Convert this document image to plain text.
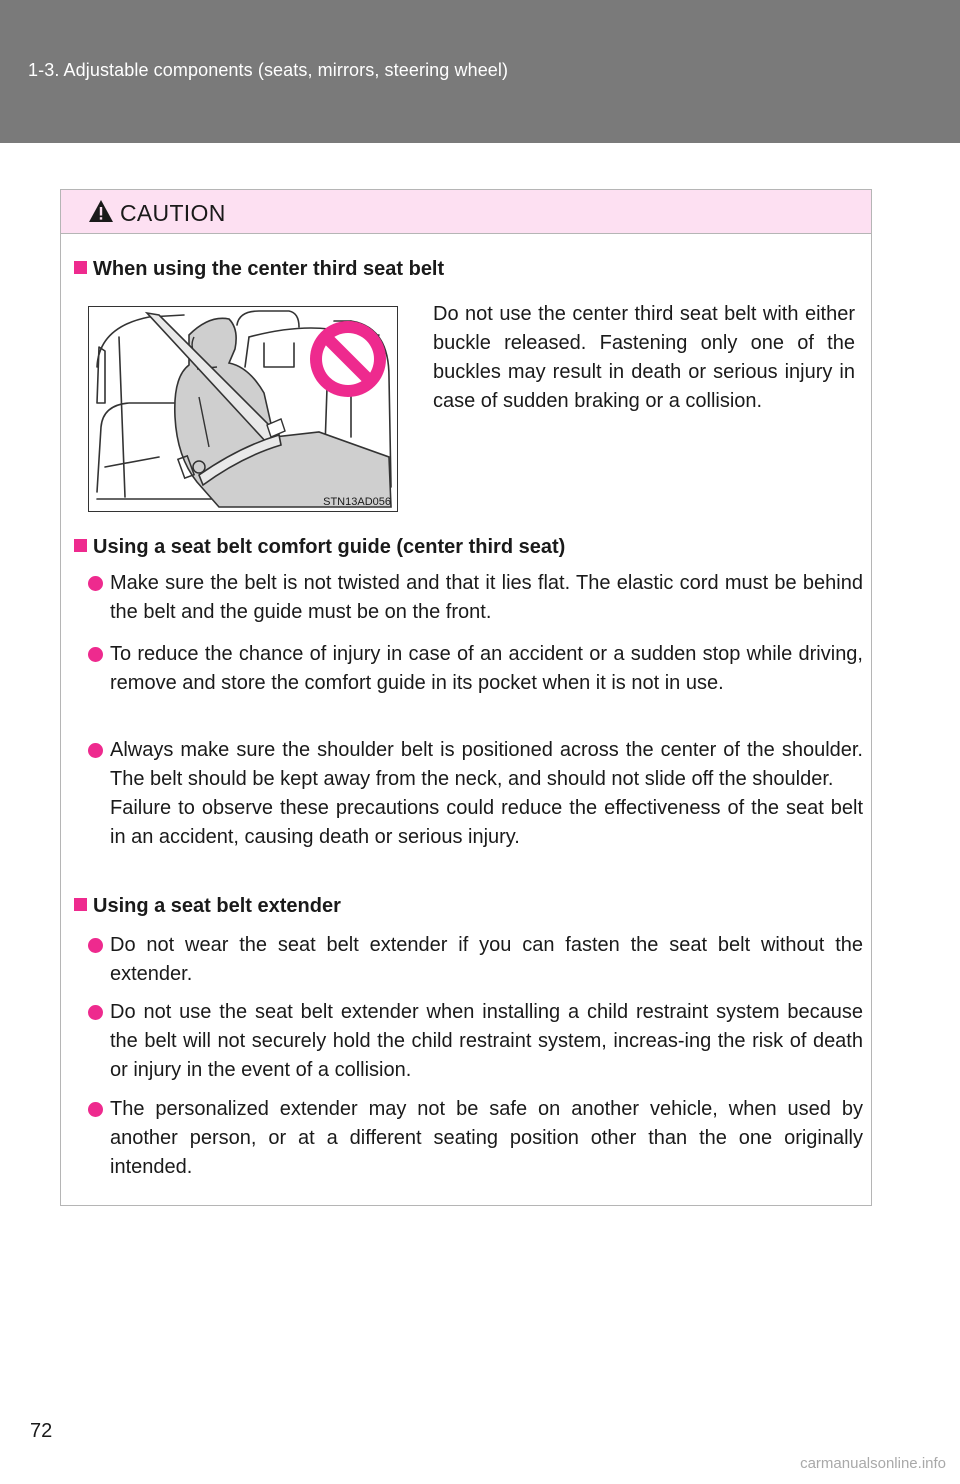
1-3. Adjustable components (seats, mirrors, steering wheel)
CAUTION
When using the center third seat belt
STN13AD056
Do not use the center third seat belt with either buckle released. Fastening only one of the buckles may result in death or serious injury in case of sudden braking or a collision.
Using a seat belt comfort guide (center third seat)
Make sure the belt is not twisted and that it lies flat. The elastic cord must be behind the belt and the guide must be on the front.
To reduce the chance of injury in case of an accident or a sudden stop while driving, remove and store the comfort guide in its pocket when it is not in use.

Always make sure the shoulder belt is positioned across the center of the shoulder. The belt should be kept away from the neck, and should not slide off the shoulder.

Failure to observe these precautions could reduce the effectiveness of the seat belt in an accident, causing death or serious injury.

Using a seat belt extender
Do not wear the seat belt extender if you can fasten the seat belt without the extender.
Do not use the seat belt extender when installing a child restraint system because the belt will not securely hold the child restraint system, increas-ing the risk of death or injury in the event of a collision.
The personalized extender may not be safe on another vehicle, when used by another person, or at a different seating position other than the one originally intended.
72
carmanualsonline.info
